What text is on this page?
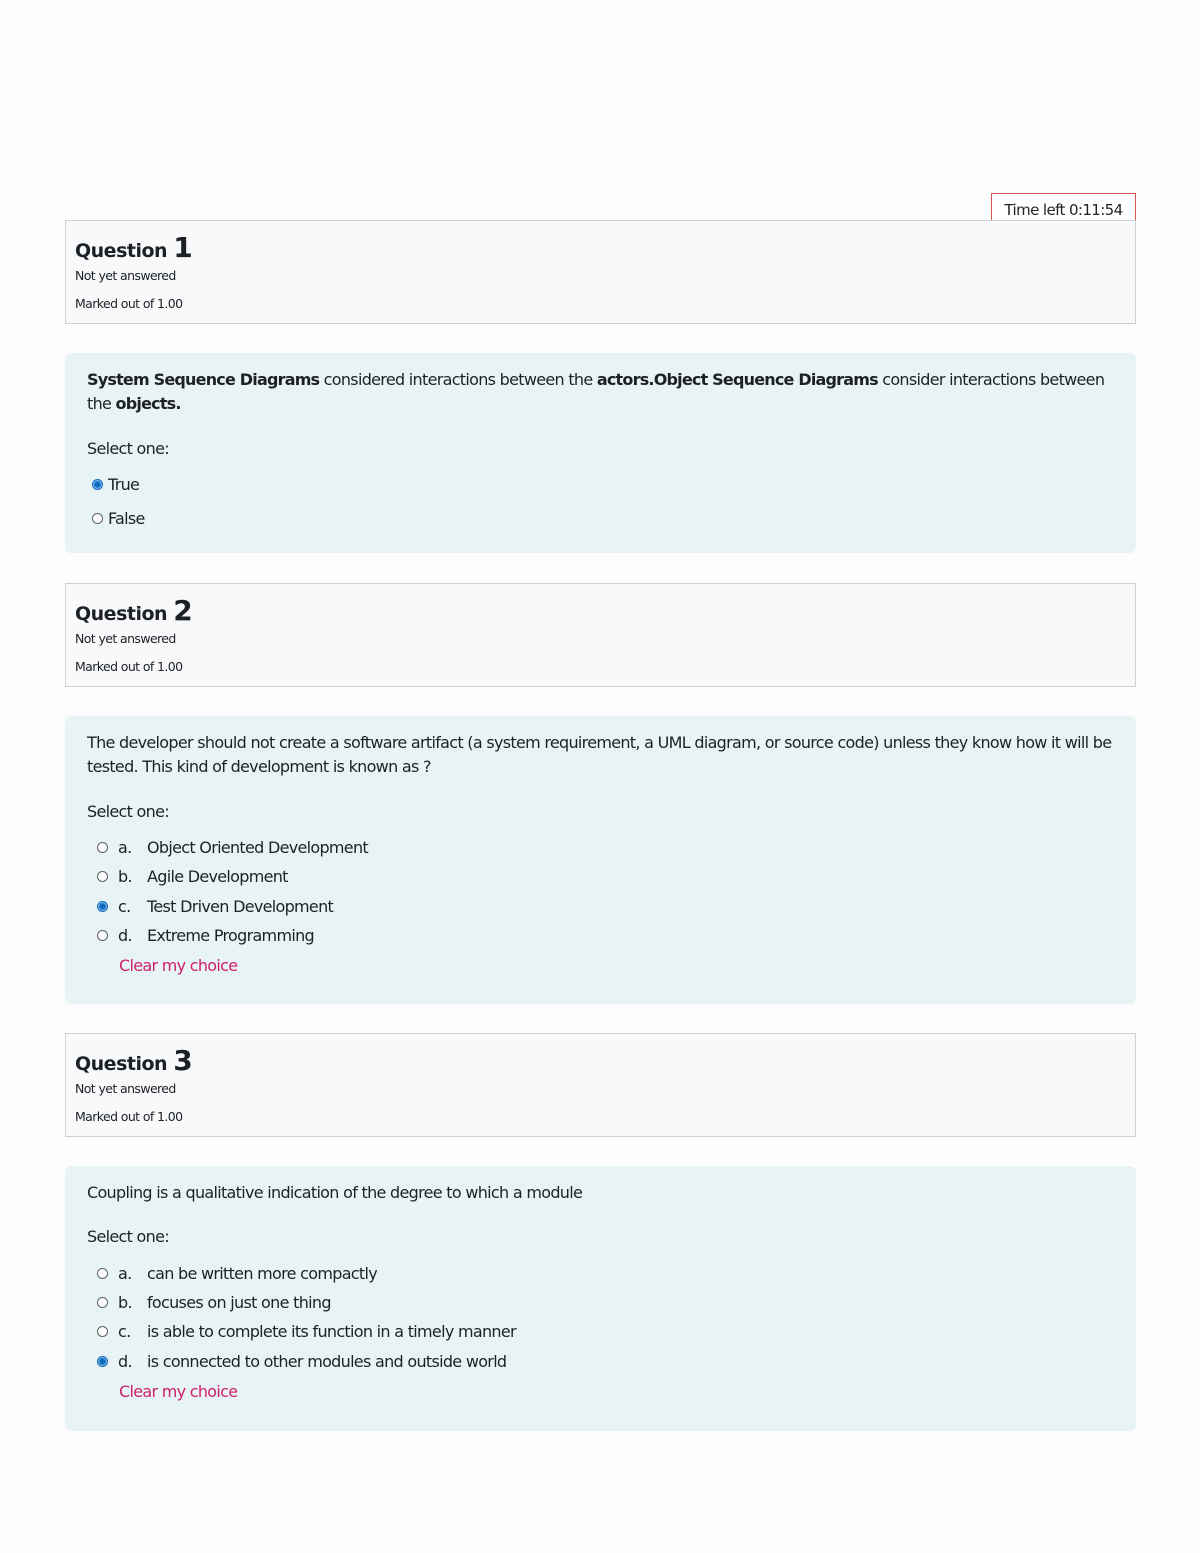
Time left 0:11:54
Question 1
Not yet answered
Marked out of 1.00
System Sequence Diagrams considered interactions between the actors.Object Sequence Diagrams consider interactions between the objects.
Select one:
True
False
Question 2
Not yet answered
Marked out of 1.00
The developer should not create a software artifact (a system requirement, a UML diagram, or source code) unless they know how it will be tested. This kind of development is known as ?
Select one:
a. Object Oriented Development
b. Agile Development
c.	Test Driven Development
d. Extreme Programming
Clear my choice
Question 3
Not yet answered
Marked out of 1.00
Coupling is a qualitative indication of the degree to which a module
Select one:
a. can be written more compactly
b. focuses on just one thing
c.	is able to complete its function in a timely manner
d. is connected to other modules and outside world
Clear my choice
